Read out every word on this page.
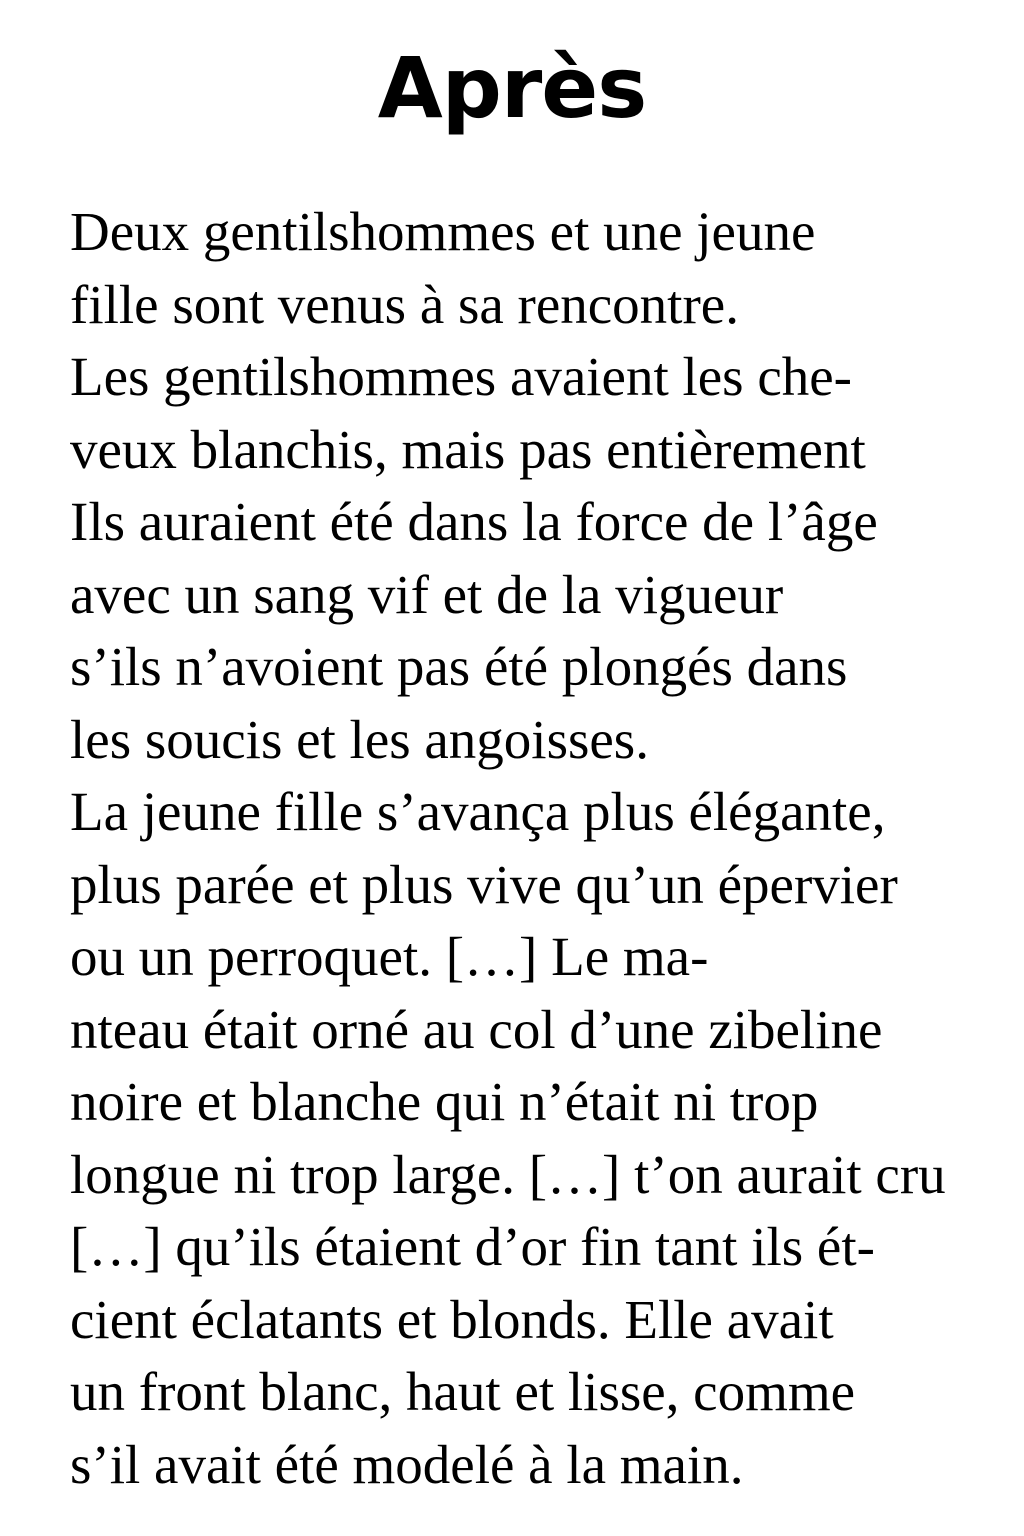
Après
Deux gentilshommes et une jeune
fille sont venus à sa rencontre.
Les gentilshommes avaient les che-
veux blanchis, mais pas entièrement
Ils auraient été dans la force de l’âge
avec un sang vif et de la vigueur
s’ils n’avoient pas été plongés dans
les soucis et les angoisses.
La jeune fille s’avança plus élégante,
plus parée et plus vive qu’un épervier
ou un perroquet. […] Le ma-
nteau était orné au col d’une zibeline
noire et blanche qui n’était ni trop
longue ni trop large. […] t’on aurait cru
[…] qu’ils étaient d’or fin tant ils ét-
cient éclatants et blonds. Elle avait
un front blanc, haut et lisse, comme
s’il avait été modelé à la main.
